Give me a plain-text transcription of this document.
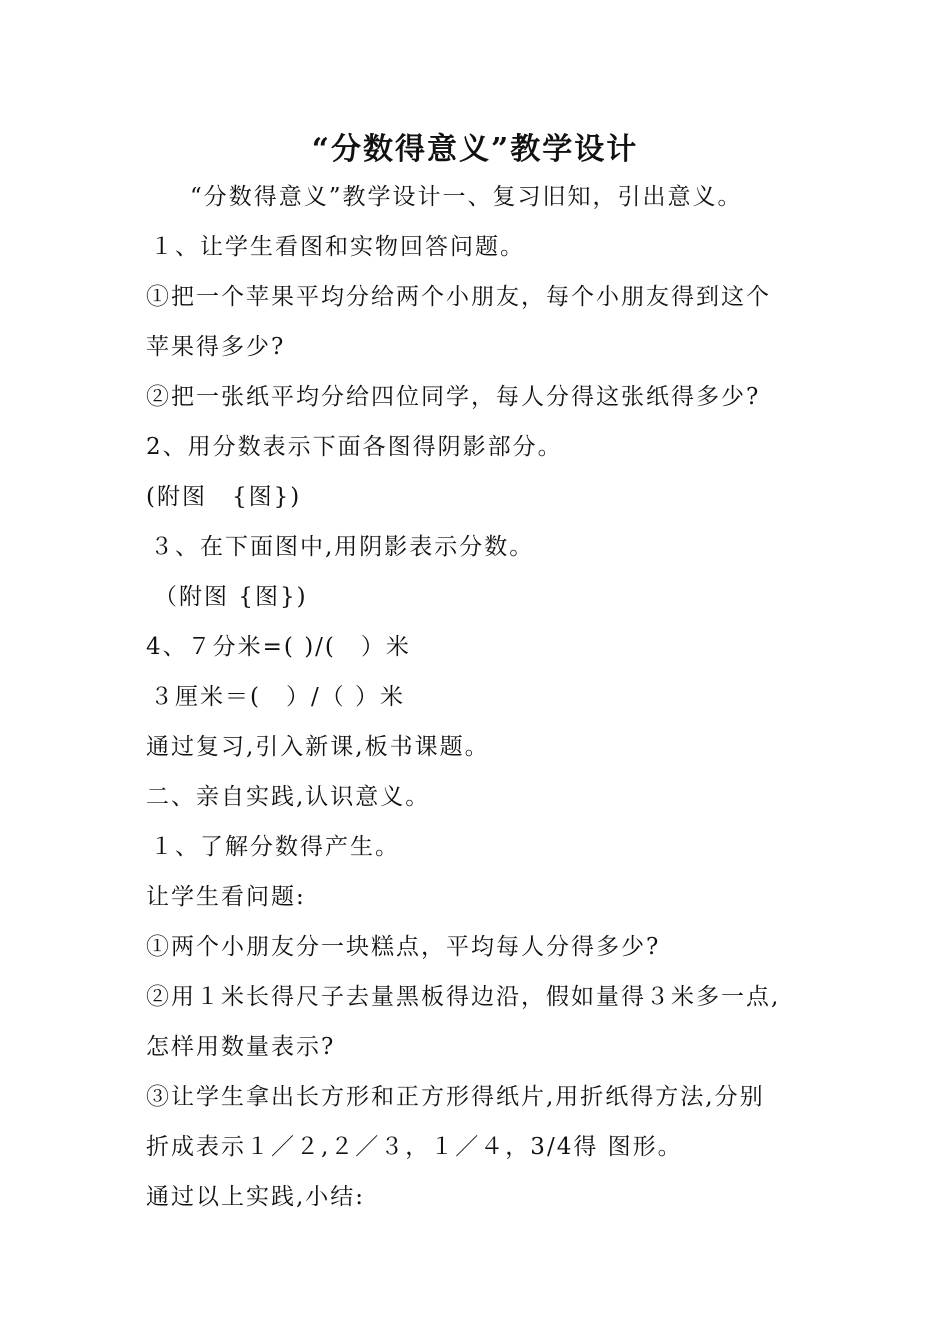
“分数得意义”教学设计
“分数得意义”教学设计一、复习旧知，引出意义。
１、让学生看图和实物回答问题。
①把一个苹果平均分给两个小朋友，每个小朋友得到这个
苹果得多少?
②把一张纸平均分给四位同学，每人分得这张纸得多少?
2、用分数表示下面各图得阴影部分。
(附图　{图})
３、在下面图中,用阴影表示分数。
（附图 {图})
4、７分米=( )/(　）米
３厘米＝(　）/（ ）米
通过复习,引入新课,板书课题。
二、亲自实践,认识意义。
１、了解分数得产生。
让学生看问题:
①两个小朋友分一块糕点，平均每人分得多少?
②用１米长得尺子去量黑板得边沿，假如量得３米多一点,
怎样用数量表示?
③让学生拿出长方形和正方形得纸片,用折纸得方法,分别
折成表示１／２,２／３，１／４，3/4得 图形。
通过以上实践,小结:
